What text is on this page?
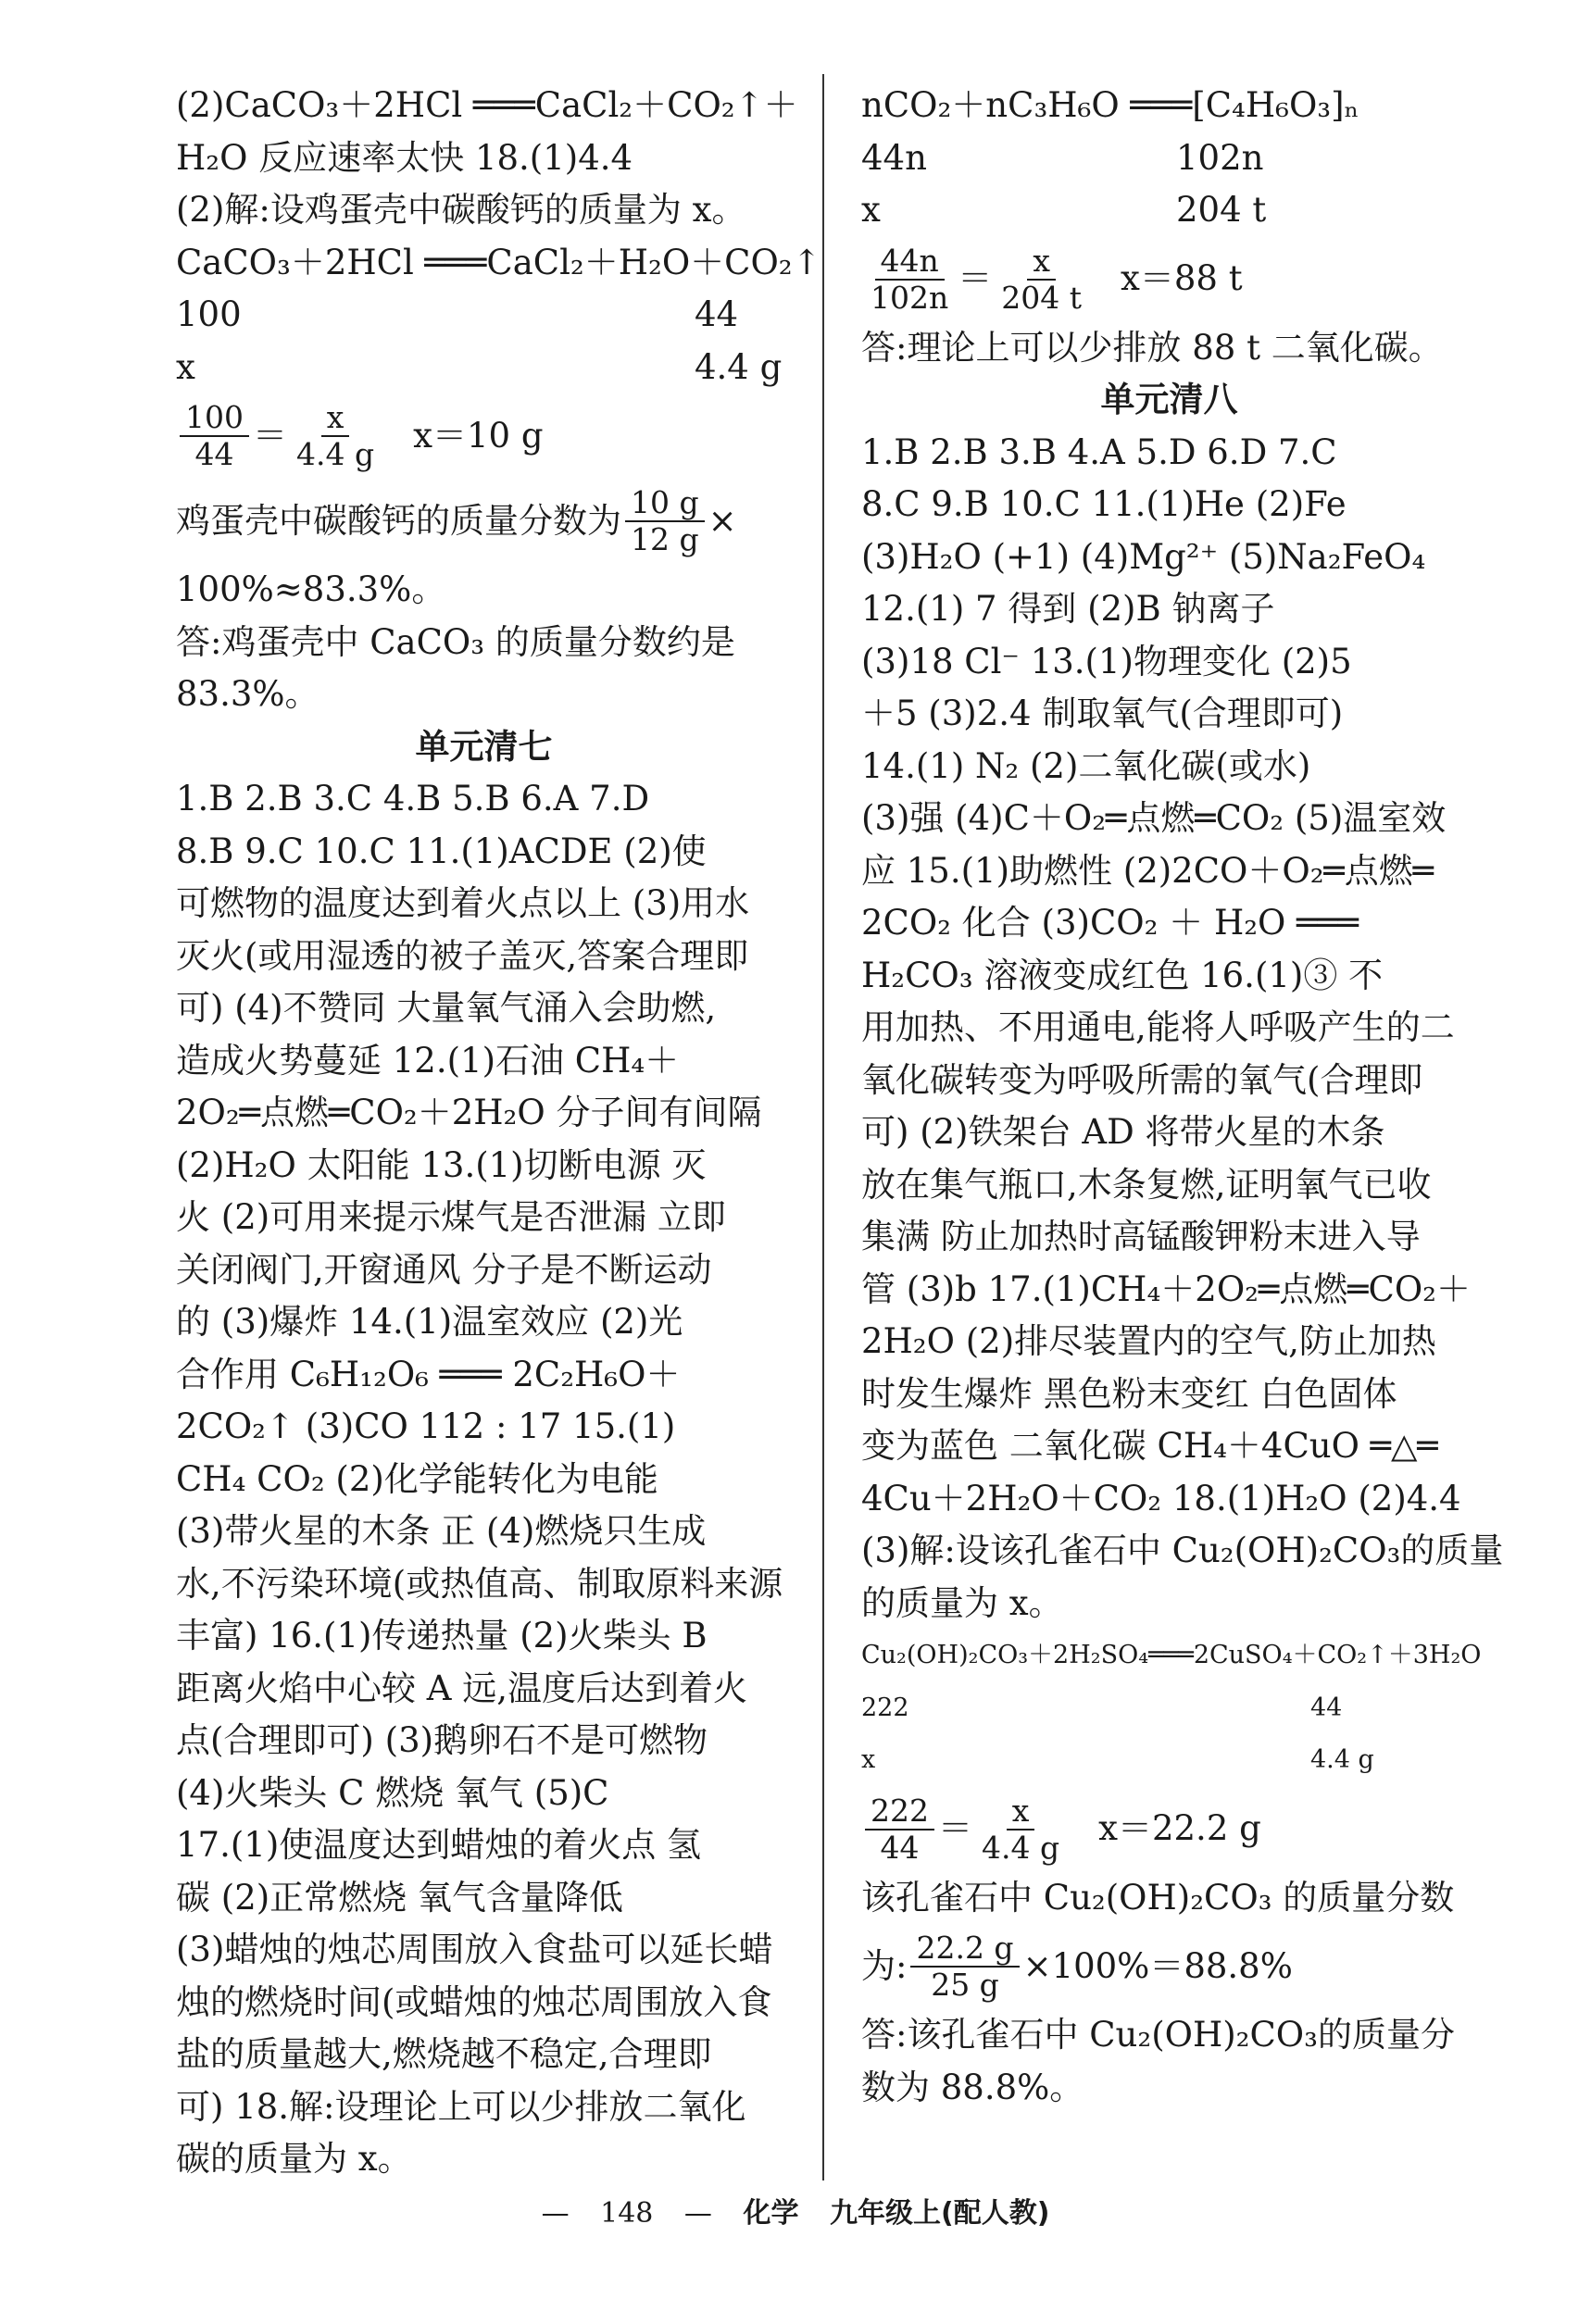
(2)CaCO₃＋2HCl ═══CaCl₂＋CO₂↑＋
H₂O 反应速率太快 18.(1)4.4
(2)解:设鸡蛋壳中碳酸钙的质量为 x。
CaCO₃＋2HCl ═══CaCl₂＋H₂O＋CO₂↑
100	44
x	4.4 g
$\frac{100}{44} = \frac{x}{4.4 g} x=10$ g
鸡蛋壳中碳酸钙的质量分数为 $\frac{10 g}{12 g}$ ×
100%≈83.3%。
答:鸡蛋壳中 CaCO₃ 的质量分数约是
83.3%。
单元清七
1.B 2.B 3.C 4.B 5.B 6.A 7.D
8.B 9.C 10.C 11.(1)ACDE (2)使
可燃物的温度达到着火点以上 (3)用水
灭火(或用湿透的被子盖灭,答案合理即
可) (4)不赞同 大量氧气涌入会助燃,
造成火势蔓延 12.(1)石油 CH₄＋
2O₂═点燃═CO₂＋2H₂O 分子间有间隔
(2)H₂O 太阳能 13.(1)切断电源 灭
火 (2)可用来提示煤气是否泄漏 立即
关闭阀门,开窗通风 分子是不断运动
的 (3)爆炸 14.(1)温室效应 (2)光
合作用 C₆H₁₂O₆ ═══ 2C₂H₆O＋
2CO₂↑ (3)CO 112 : 17 15.(1)
CH₄ CO₂ (2)化学能转化为电能
(3)带火星的木条 正 (4)燃烧只生成
水,不污染环境(或热值高、制取原料来源
丰富) 16.(1)传递热量 (2)火柴头 B
距离火焰中心较 A 远,温度后达到着火
点(合理即可) (3)鹅卵石不是可燃物
(4)火柴头 C 燃烧 氧气 (5)C
17.(1)使温度达到蜡烛的着火点 氢
碳 (2)正常燃烧 氧气含量降低
(3)蜡烛的烛芯周围放入食盐可以延长蜡
烛的燃烧时间(或蜡烛的烛芯周围放入食
盐的质量越大,燃烧越不稳定,合理即
可) 18.解:设理论上可以少排放二氧化
碳的质量为 x。
nCO₂＋nC₃H₆O ═══[C₄H₆O₃]ₙ
44n	102n
x	204 t
$\frac{44n}{102n} = \frac{x}{204 t} x=88$ t
答:理论上可以少排放 88 t 二氧化碳。
单元清八
1.B 2.B 3.B 4.A 5.D 6.D 7.C
8.C 9.B 10.C 11.(1)He (2)Fe
(3)H₂O (+1) (4)Mg²⁺ (5)Na₂FeO₄
12.(1) 7 得到 (2)B 钠离子
(3)18 Cl⁻ 13.(1)物理变化 (2)5
＋5 (3)2.4 制取氧气(合理即可)
14.(1) N₂ (2)二氧化碳(或水)
(3)强 (4)C＋O₂═点燃═CO₂ (5)温室效
应 15.(1)助燃性 (2)2CO＋O₂═点燃═
2CO₂ 化合 (3)CO₂ ＋ H₂O ═══
H₂CO₃ 溶液变成红色 16.(1)③ 不
用加热、不用通电,能将人呼吸产生的二
氧化碳转变为呼吸所需的氧气(合理即
可) (2)铁架台 AD 将带火星的木条
放在集气瓶口,木条复燃,证明氧气已收
集满 防止加热时高锰酸钾粉末进入导
管 (3)b 17.(1)CH₄＋2O₂═点燃═CO₂＋
2H₂O (2)排尽装置内的空气,防止加热
时发生爆炸 黑色粉末变红 白色固体
变为蓝色 二氧化碳 CH₄＋4CuO ═△═
4Cu＋2H₂O＋CO₂ 18.(1)H₂O (2)4.4
(3)解:设该孔雀石中 Cu₂(OH)₂CO₃的质量
的质量为 x。
Cu₂(OH)₂CO₃＋2H₂SO₄═══2CuSO₄＋CO₂↑＋3H₂O
222	44
x	4.4 g
$\frac{222}{44} = \frac{x}{4.4 g} x=22.2$ g
该孔雀石中 Cu₂(OH)₂CO₃ 的质量分数
为: $\frac{22.2 g}{25 g} \times 100\%=88.8\%$
答:该孔雀石中 Cu₂(OH)₂CO₃的质量分
数为 88.8%。
— 148 — 化学 九年级上(配人教)
